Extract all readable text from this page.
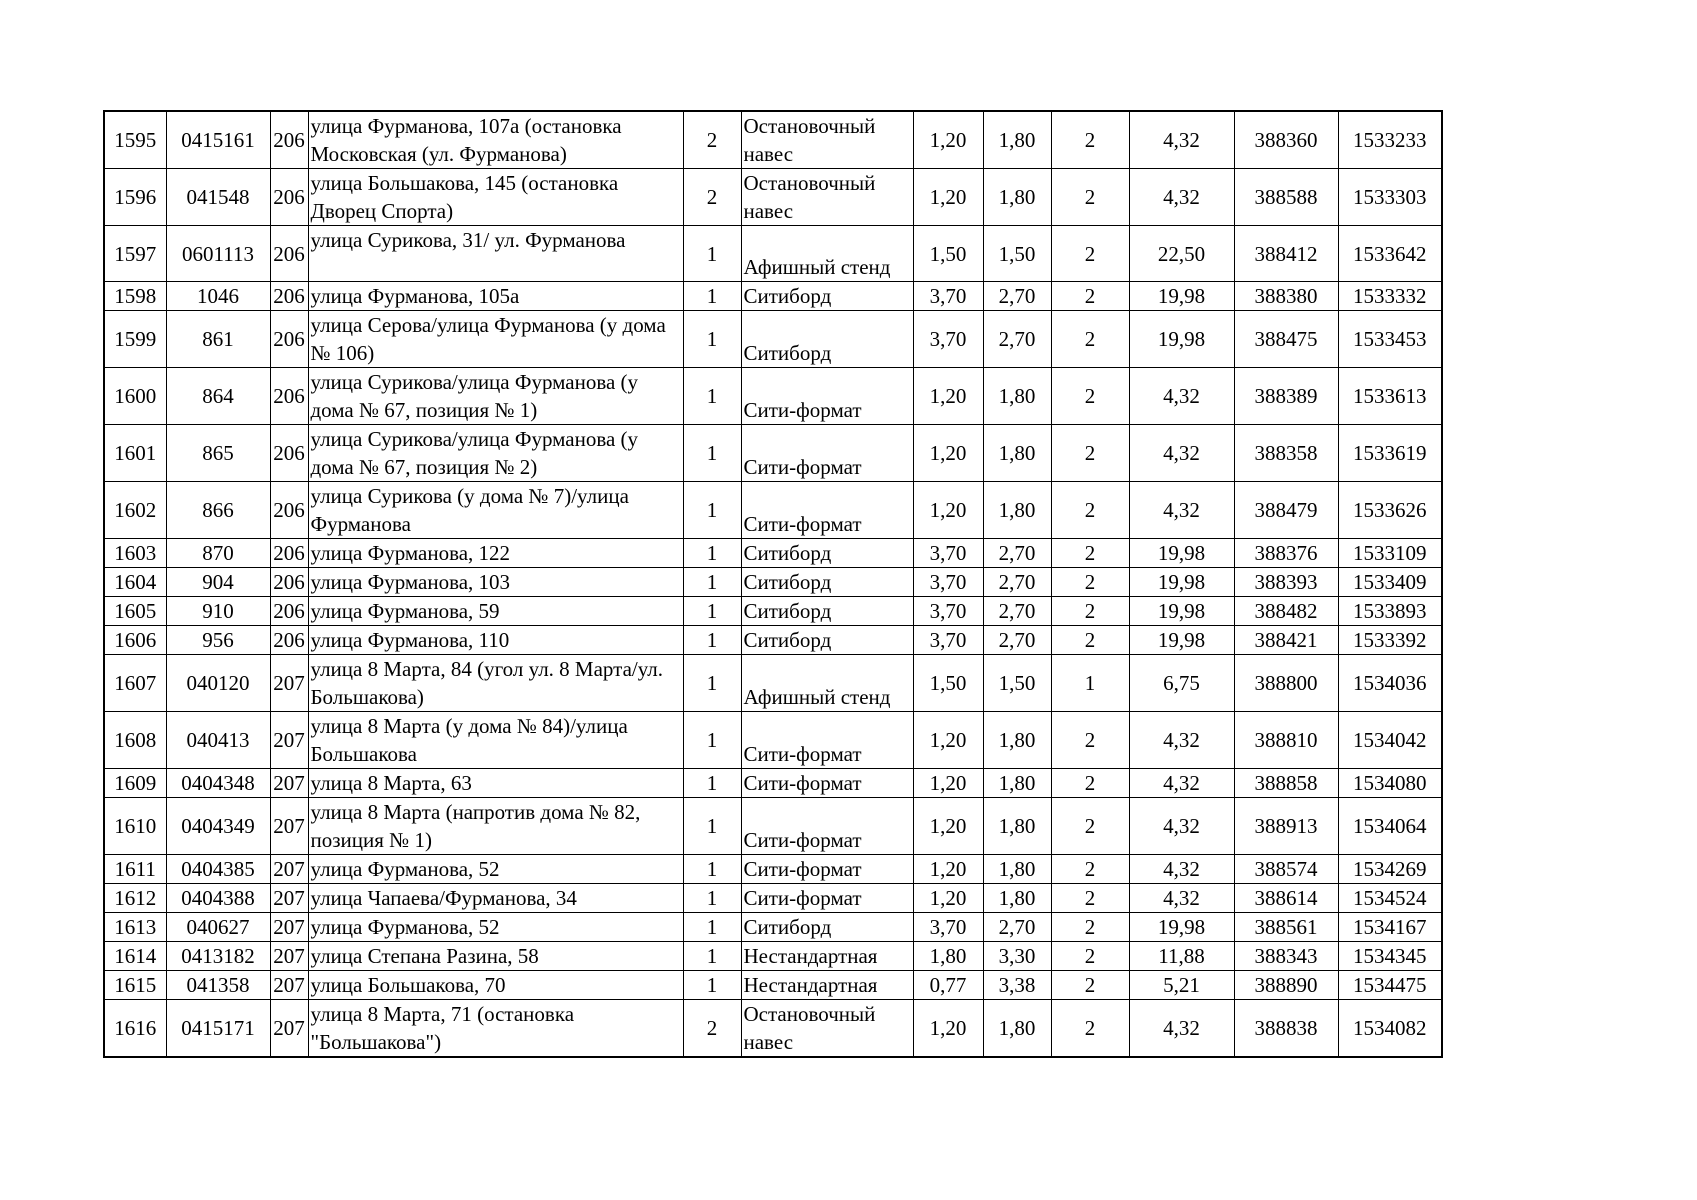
1595	0415161	206	улица Фурманова, 107а (остановка Московская (ул. Фурманова)	2	Остановочный навес	1,20	1,80	2	4,32	388360	1533233
1596	041548	206	улица Большакова, 145 (остановка Дворец Спорта)	2	Остановочный навес	1,20	1,80	2	4,32	388588	1533303
1597	0601113	206	улица Сурикова, 31/ ул. Фурманова	1	Афишный стенд	1,50	1,50	2	22,50	388412	1533642
1598	1046	206	улица Фурманова, 105а	1	Ситиборд	3,70	2,70	2	19,98	388380	1533332
1599	861	206	улица Серова/улица Фурманова (у дома № 106)	1	Ситиборд	3,70	2,70	2	19,98	388475	1533453
1600	864	206	улица Сурикова/улица Фурманова (у дома № 67, позиция № 1)	1	Сити-формат	1,20	1,80	2	4,32	388389	1533613
1601	865	206	улица Сурикова/улица Фурманова (у дома № 67, позиция № 2)	1	Сити-формат	1,20	1,80	2	4,32	388358	1533619
1602	866	206	улица Сурикова (у дома № 7)/улица Фурманова	1	Сити-формат	1,20	1,80	2	4,32	388479	1533626
1603	870	206	улица Фурманова, 122	1	Ситиборд	3,70	2,70	2	19,98	388376	1533109
1604	904	206	улица Фурманова, 103	1	Ситиборд	3,70	2,70	2	19,98	388393	1533409
1605	910	206	улица Фурманова, 59	1	Ситиборд	3,70	2,70	2	19,98	388482	1533893
1606	956	206	улица Фурманова, 110	1	Ситиборд	3,70	2,70	2	19,98	388421	1533392
1607	040120	207	улица 8 Марта, 84 (угол ул. 8 Марта/ул. Большакова)	1	Афишный стенд	1,50	1,50	1	6,75	388800	1534036
1608	040413	207	улица 8 Марта (у дома № 84)/улица Большакова	1	Сити-формат	1,20	1,80	2	4,32	388810	1534042
1609	0404348	207	улица 8 Марта, 63	1	Сити-формат	1,20	1,80	2	4,32	388858	1534080
1610	0404349	207	улица 8 Марта (напротив дома № 82, позиция № 1)	1	Сити-формат	1,20	1,80	2	4,32	388913	1534064
1611	0404385	207	улица Фурманова, 52	1	Сити-формат	1,20	1,80	2	4,32	388574	1534269
1612	0404388	207	улица Чапаева/Фурманова, 34	1	Сити-формат	1,20	1,80	2	4,32	388614	1534524
1613	040627	207	улица Фурманова, 52	1	Ситиборд	3,70	2,70	2	19,98	388561	1534167
1614	0413182	207	улица Степана Разина, 58	1	Нестандартная	1,80	3,30	2	11,88	388343	1534345
1615	041358	207	улица Большакова, 70	1	Нестандартная	0,77	3,38	2	5,21	388890	1534475
1616	0415171	207	улица 8 Марта, 71 (остановка "Большакова")	2	Остановочный навес	1,20	1,80	2	4,32	388838	1534082
